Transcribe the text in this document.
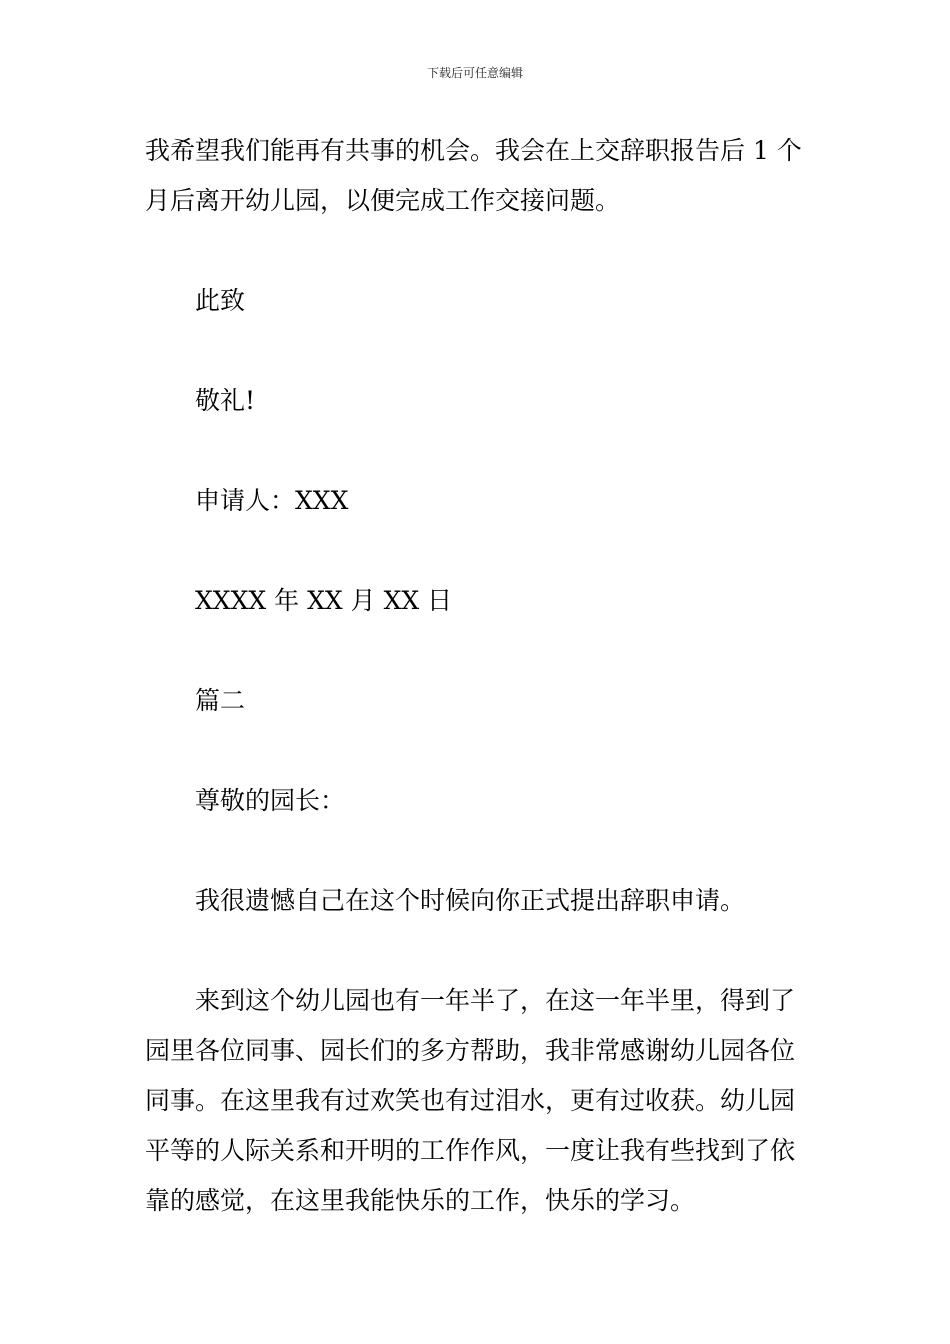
下载后可任意编辑

我希望我们能再有共事的机会。我会在上交辞职报告后 1 个月后离开幼儿园，以便完成工作交接问题。

此致

敬礼!

申请人：XXX

XXXX 年 XX 月 XX 日

篇二

尊敬的园长：

我很遗憾自己在这个时候向你正式提出辞职申请。

来到这个幼儿园也有一年半了，在这一年半里，得到了园里各位同事、园长们的多方帮助，我非常感谢幼儿园各位同事。在这里我有过欢笑也有过泪水，更有过收获。幼儿园平等的人际关系和开明的工作作风，一度让我有些找到了依靠的感觉，在这里我能快乐的工作，快乐的学习。
